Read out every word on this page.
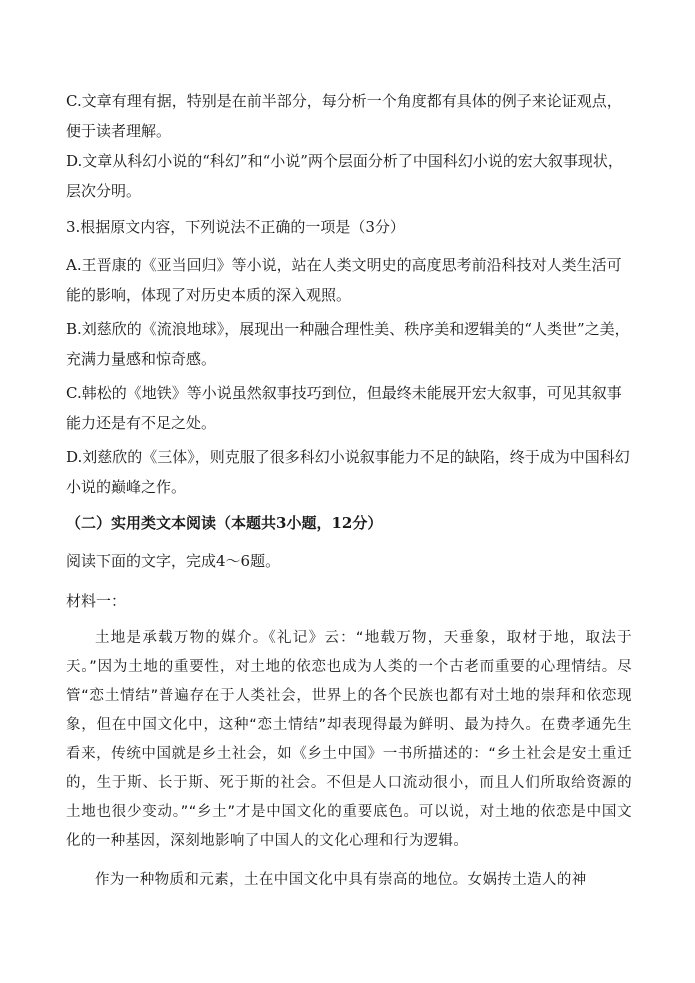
C.文章有理有据，特别是在前半部分，每分析一个角度都有具体的例子来论证观点，便于读者理解。

D.文章从科幻小说的“科幻”和“小说”两个层面分析了中国科幻小说的宏大叙事现状，层次分明。

3.根据原文内容，下列说法不正确的一项是（3分）

A.王晋康的《亚当回归》等小说，站在人类文明史的高度思考前沿科技对人类生活可能的影响，体现了对历史本质的深入观照。

B.刘慈欣的《流浪地球》，展现出一种融合理性美、秩序美和逻辑美的“人类世”之美，充满力量感和惊奇感。

C.韩松的《地铁》等小说虽然叙事技巧到位，但最终未能展开宏大叙事，可见其叙事能力还是有不足之处。

D.刘慈欣的《三体》，则克服了很多科幻小说叙事能力不足的缺陷，终于成为中国科幻小说的巅峰之作。

（二）实用类文本阅读（本题共3小题，12分）

阅读下面的文字，完成4～6题。

材料一：

土地是承载万物的媒介。《礼记》云：“地载万物，天垂象，取材于地，取法于天。”因为土地的重要性，对土地的依恋也成为人类的一个古老而重要的心理情结。尽管“恋土情结”普遍存在于人类社会，世界上的各个民族也都有对土地的崇拜和依恋现象，但在中国文化中，这种“恋土情结”却表现得最为鲜明、最为持久。在费孝通先生看来，传统中国就是乡土社会，如《乡土中国》一书所描述的：“乡土社会是安土重迁的，生于斯、长于斯、死于斯的社会。不但是人口流动很小，而且人们所取给资源的土地也很少变动。”“乡土”才是中国文化的重要底色。可以说，对土地的依恋是中国文化的一种基因，深刻地影响了中国人的文化心理和行为逻辑。

作为一种物质和元素，土在中国文化中具有崇高的地位。女娲抟土造人的神
